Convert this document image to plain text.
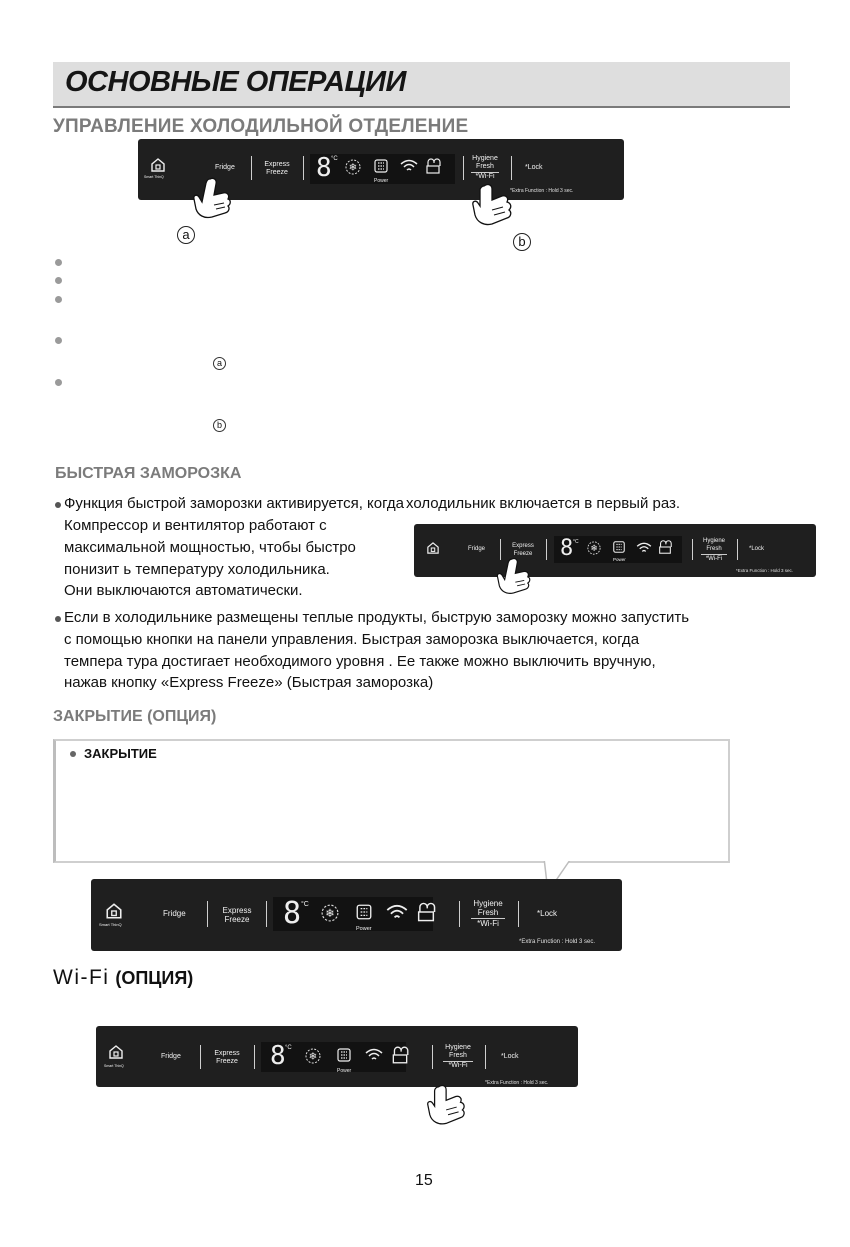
ОСНОВНЫЕ ОПЕРАЦИИ
УПРАВЛЕНИЕ ХОЛОДИЛЬНОЙ ОТДЕЛЕНИЕ
Smart ThinQ
Fridge	Express
Freeze 8 °C
❄
Power
Hygiene
Fresh
*Wi-Fi
*Lock
*Extra Function : Hold 3 sec.
a	b
a
b
БЫСТРАЯ ЗАМОРОЗКА
Функция быстрой заморозки активируется, когда холодильник включается в первый раз.
Компрессор и вентилятор работают с
максимальной мощностью, чтобы быстро
понизит ь температуру холодильника.
Они выключаются автоматически.
Fridge	Express
Freeze 8 °C
❄
Power
Hygiene
Fresh
*Wi-Fi
*Lock
*Extra Function : Hold 3 sec.
Если в холодильнике размещены теплые продукты, быструю заморозку можно запустить
с помощью кнопки на панели управления. Быстрая заморозка выключается, когда
темпера тура достигает необходимого уровня . Ее также можно выключить вручную,
нажав кнопку «Express Freeze» (Быстрая заморозка)
ЗАКРЫТИЕ (ОПЦИЯ)
ЗАКРЫТИЕ
Smart ThinQ
Fridge	Express
Freeze 8 °C
❄
Power
Hygiene
Fresh
*Wi-Fi
*Lock
*Extra Function : Hold 3 sec.
Wi-Fi (ОПЦИЯ)
Smart ThinQ
Fridge	Express
Freeze 8 °C
❄
Power
Hygiene
Fresh
*Wi-Fi
*Lock
*Extra Function : Hold 3 sec.
15
